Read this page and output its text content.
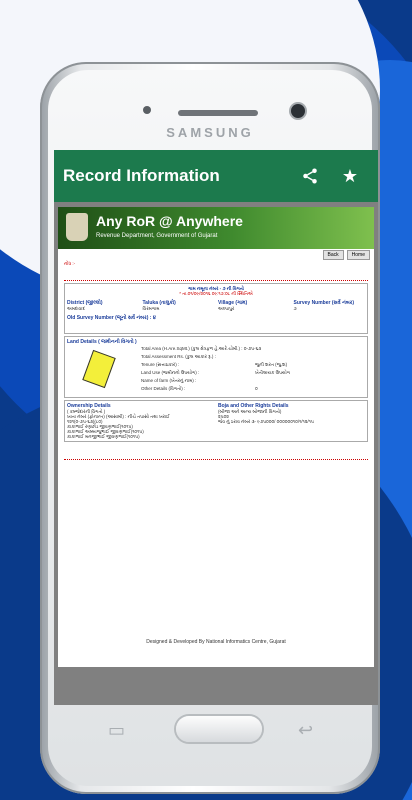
SAMSUNG
Record Information	★
Any RoR @ Anywhere
Revenue Department, Government of Gujarat
Back	Home
નોંધ :-
ગામ નમૂના નંબર - ૭ ની વિગતો
* તા.૦૧/૦૯/૨૦૧૬ ૦૯:૧૭:૦૮ ની સ્થિતિએ
District (જીલ્લો)	Taluka (તાલુકો)	Village (ગામ)	Survey Number (સર્વે નંબર)
અમદાવાદ	વિરમગામ	અલ્પાપુર	૭
Old Survey Number (જૂનો સર્વે નંબર) : ૪
Land Details ( જમીનની વિગતો )
Total Area (H.Are.SqMt.) (કુલ ક્ષેત્રફળ હે.આરે.ચોમી.) : ૦-૭૫-૬૩
Total Assessment Rs. (કુલ આકાર રૂ.) :
Tenure (સત્તાપ્રકાર) :	જુની શરત (જુ.શ)
Land Use (જમીનનો ઉપયોગ) :	ખેતીલાયક ઉપયોગ
Name of farm (ખેતરનું નામ) :
Other Details (વિગતો) :	૦
Ownership Details
( કબ્જેદારની વિગતો )
ખાતા નંબર (ફોનાન્ત) (આસામી) : નીચે તપાસો તથા ખરાઈ
૧૨૧(૦-૭૫-૬૩)(૮૦)
કાકાભાઈ રણછોડ જીવણભાઈ(૧૦૧૫)
કાકાભાઈ અબ્બાજુભાઈ જીવણભાઈ(૧૦૧૫)
કાકાભાઈ મનજીભાઈ જીવણભાઈ(૧૦૧૫)
Boja and Other Rights Details
(બીજા અને અન્ય બોજાની વિગતો)
૨૫૦૨
જેવ નું ઠરાવ નંબર ૩- ૯૭૫૦૦૦/ ૦૦૦૦૦૦૧૦/૧/૧૨/૧૫
Designed & Developed By National Informatics Centre, Gujarat
▭	↩
